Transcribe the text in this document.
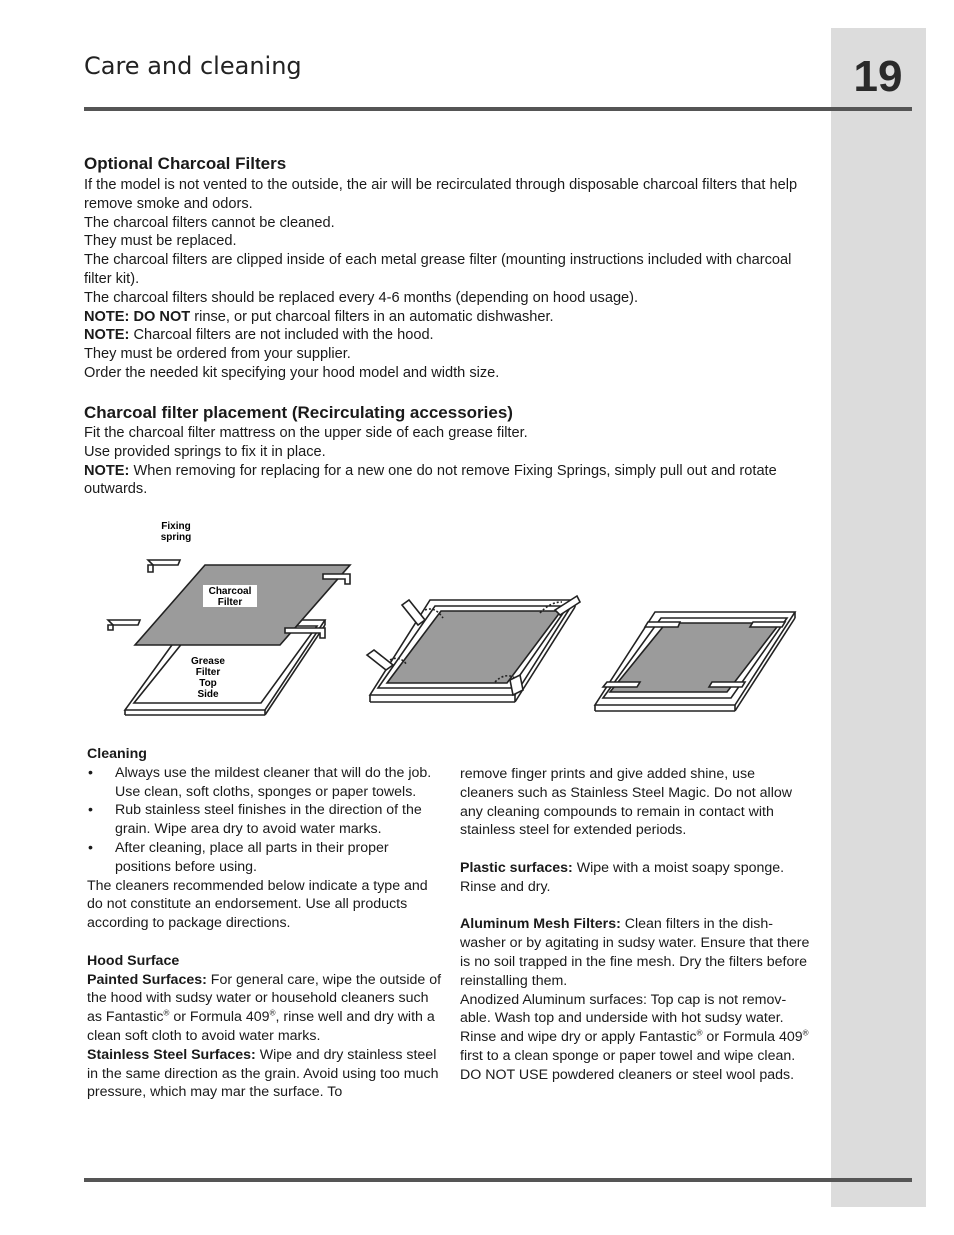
19
Care and cleaning
Optional Charcoal Filters

If the model is not vented to the outside, the air will be recirculated through disposable charcoal filters that help remove smoke and odors.

The charcoal filters cannot be cleaned.

They must be replaced.

The charcoal filters are clipped inside of each metal grease filter (mounting instructions included with charcoal filter kit).

The charcoal filters should be replaced every 4-6 months (depending on hood usage).

NOTE: DO NOT rinse, or put charcoal filters in an automatic dishwasher.

NOTE: Charcoal filters are not included with the hood.

They must be ordered from your supplier.

Order the needed kit specifying your hood model and width size.

Charcoal filter placement (Recirculating accessories)

Fit the charcoal filter mattress on the upper side of each grease filter.

Use provided springs to fix it in place.

NOTE: When removing for replacing for a new one do not remove Fixing Springs, simply pull out and rotate outwards.

Charcoal
Filter
Fixing
spring
Grease
Filter
Top
Side

Cleaning

• Always use the mildest cleaner that will do the job. Use clean, soft cloths, sponges or paper towels.
• Rub stainless steel finishes in the direction of the grain. Wipe area dry to avoid water marks.
• After cleaning, place all parts in their proper positions before using.

The cleaners recommended below indicate a type and do not constitute an endorsement. Use all products according to package directions.

Hood Surface

Painted Surfaces: For general care, wipe the outside of the hood with sudsy water or household cleaners such as Fantastic® or Formula 409®, rinse well and dry with a clean soft cloth to avoid water marks.

Stainless Steel Surfaces: Wipe and dry stainless steel in the same direction as the grain. Avoid using too much pressure, which may mar the surface. To

remove finger prints and give added shine, use cleaners such as Stainless Steel Magic. Do not allow any cleaning compounds to remain in contact with stainless steel for extended periods.

Plastic surfaces: Wipe with a moist soapy sponge. Rinse and dry.

Aluminum Mesh Filters: Clean filters in the dish-washer or by agitating in sudsy water. Ensure that there is no soil trapped in the fine mesh. Dry the filters before reinstalling them.

Anodized Aluminum surfaces: Top cap is not remov-able. Wash top and underside with hot sudsy water. Rinse and wipe dry or apply Fantastic® or Formula 409® first to a clean sponge or paper towel and wipe clean. DO NOT USE powdered cleaners or steel wool pads.
